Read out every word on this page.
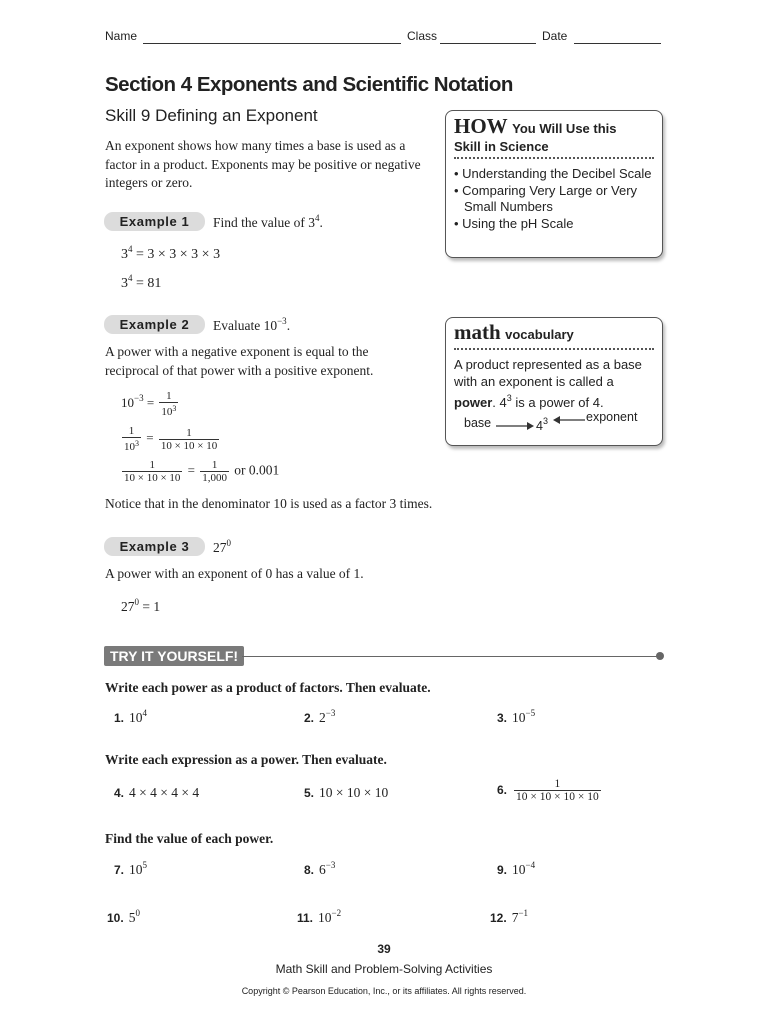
Name	Class	Date
Section 4 Exponents and Scientific Notation
Skill 9 Defining an Exponent
An exponent shows how many times a base is used as a factor in a product. Exponents may be positive or negative integers or zero.
Example 1	Find the value of $3^4$.
$3^4 = 3 \times 3 \times 3 \times 3$
$3^4 = 81$
Example 2	Evaluate $10^{-3}$.
A power with a negative exponent is equal to the reciprocal of that power with a positive exponent.
$10^{-3} = \frac{1}{10^3}$
$\frac{1}{10^3} = \frac{1}{10 \times 10 \times 10}$
$\frac{1}{10 \times 10 \times 10} = \frac{1}{1,000}$ or 0.001
Notice that in the denominator 10 is used as a factor 3 times.
Example 3	$27^0$
A power with an exponent of 0 has a value of 1.
$27^0 = 1$
HOW You Will Use this
Skill in Science
• Understanding the Decibel Scale
• Comparing Very Large or Very Small Numbers
• Using the pH Scale
math vocabulary
A product represented as a base with an exponent is called a power. $4^3$ is a power of 4.
base	$4^3$	exponent
TRY IT YOURSELF!
Write each power as a product of factors. Then evaluate.
1. $10^4$	2. $2^{-3}$	3. $10^{-5}$
Write each expression as a power. Then evaluate.
4. 4 × 4 × 4 × 4	5. 10 × 10 × 10	6. $\frac{1}{10 \times 10 \times 10 \times 10}$
Find the value of each power.
7. $10^5$	8. $6^{-3}$	9. $10^{-4}$
10. $5^0$	11. $10^{-2}$	12. $7^{-1}$
39
Math Skill and Problem-Solving Activities
Copyright © Pearson Education, Inc., or its affiliates. All rights reserved.
